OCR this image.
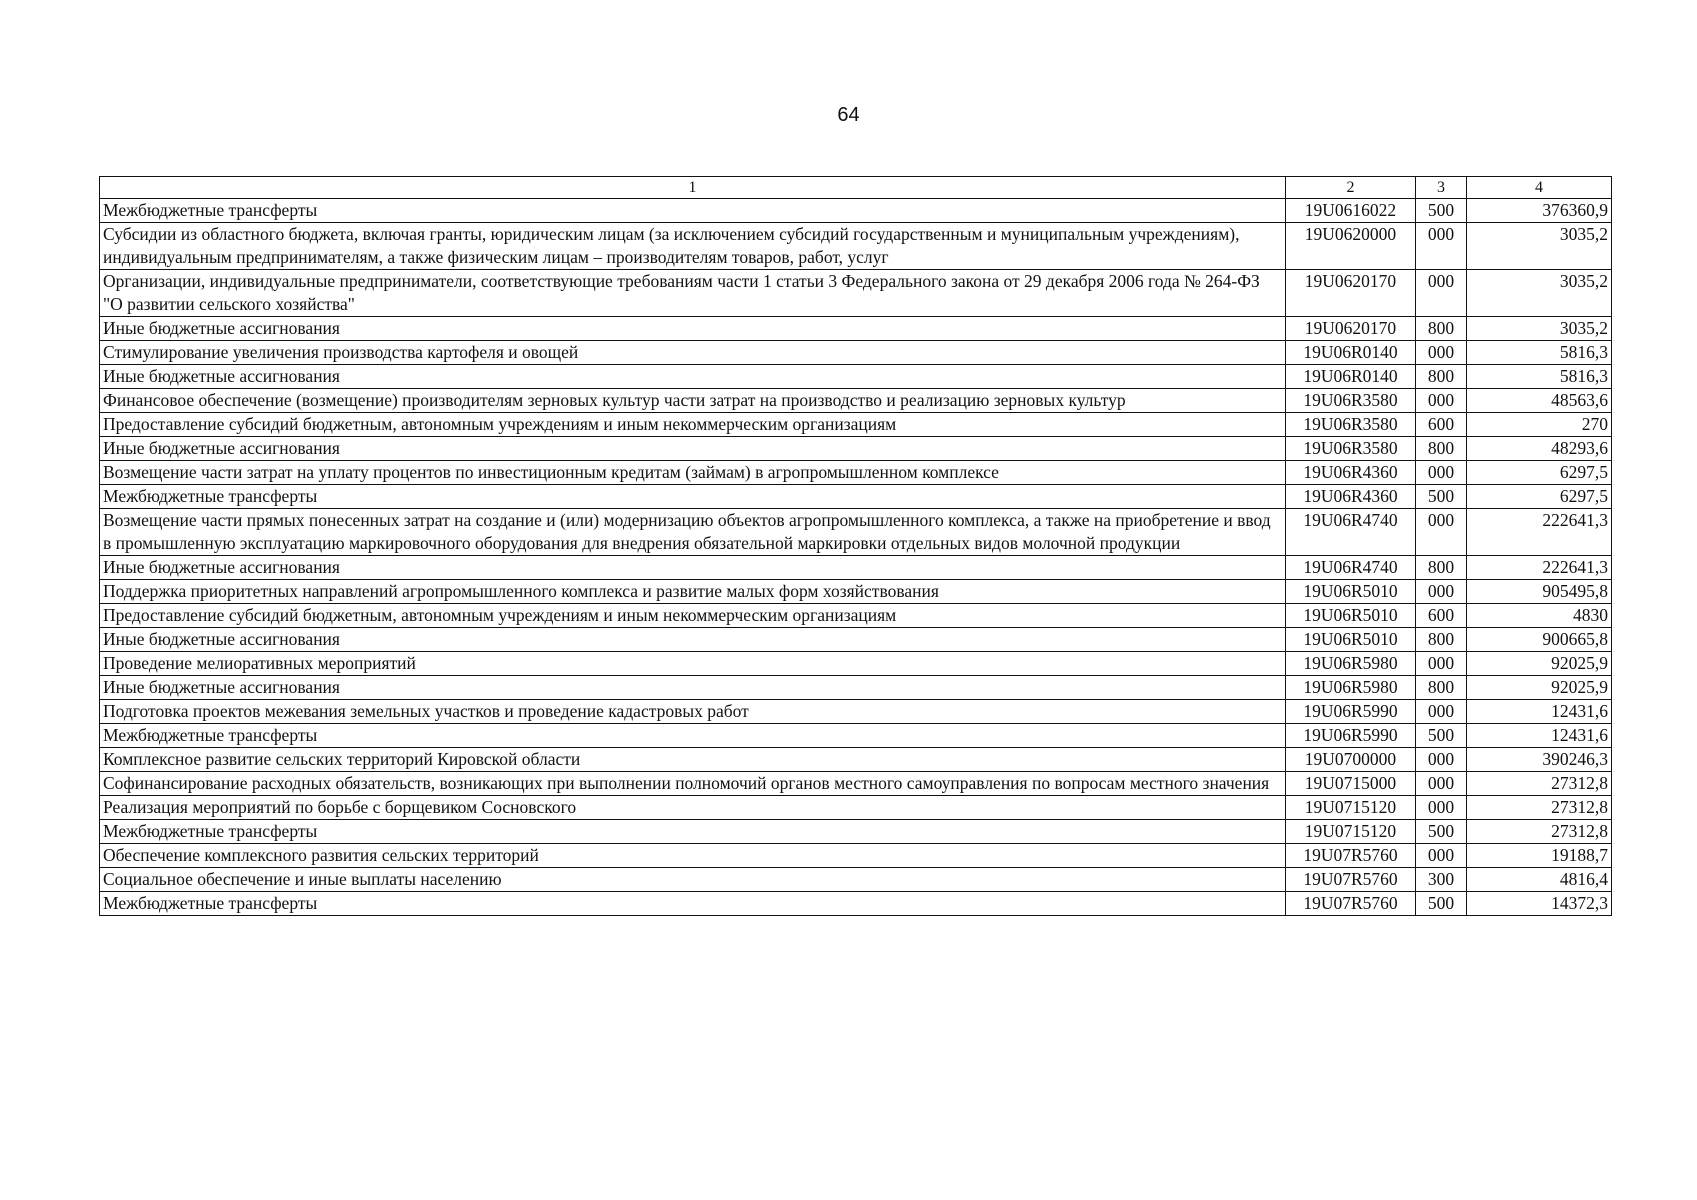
64
1	2	3	4
Межбюджетные трансферты	19U0616022	500	376360,9
Субсидии из областного бюджета, включая гранты, юридическим лицам (за исключением субсидий государственным и муниципальным учреждениям), индивидуальным предпринимателям, а также физическим лицам – производителям товаров, работ, услуг	19U0620000	000	3035,2
Организации, индивидуальные предприниматели, соответствующие требованиям части 1 статьи 3 Федерального закона от 29 декабря 2006 года № 264-ФЗ "О развитии сельского хозяйства"	19U0620170	000	3035,2
Иные бюджетные ассигнования	19U0620170	800	3035,2
Стимулирование увеличения производства картофеля и овощей	19U06R0140	000	5816,3
Иные бюджетные ассигнования	19U06R0140	800	5816,3
Финансовое обеспечение (возмещение) производителям зерновых культур части затрат на производство и реализацию зерновых культур	19U06R3580	000	48563,6
Предоставление субсидий бюджетным, автономным учреждениям и иным некоммерческим организациям	19U06R3580	600	270
Иные бюджетные ассигнования	19U06R3580	800	48293,6
Возмещение части затрат на уплату процентов по инвестиционным кредитам (займам) в агропромышленном комплексе	19U06R4360	000	6297,5
Межбюджетные трансферты	19U06R4360	500	6297,5
Возмещение части прямых понесенных затрат на создание и (или) модернизацию объектов агропромышленного комплекса, а также на приобретение и ввод в промышленную эксплуатацию маркировочного оборудования для внедрения обязательной маркировки отдельных видов молочной продукции	19U06R4740	000	222641,3
Иные бюджетные ассигнования	19U06R4740	800	222641,3
Поддержка приоритетных направлений агропромышленного комплекса и развитие малых форм хозяйствования	19U06R5010	000	905495,8
Предоставление субсидий бюджетным, автономным учреждениям и иным некоммерческим организациям	19U06R5010	600	4830
Иные бюджетные ассигнования	19U06R5010	800	900665,8
Проведение мелиоративных мероприятий	19U06R5980	000	92025,9
Иные бюджетные ассигнования	19U06R5980	800	92025,9
Подготовка проектов межевания земельных участков и проведение кадастровых работ	19U06R5990	000	12431,6
Межбюджетные трансферты	19U06R5990	500	12431,6
Комплексное развитие сельских территорий Кировской области	19U0700000	000	390246,3
Софинансирование расходных обязательств, возникающих при выполнении полномочий органов местного самоуправления по вопросам местного значения	19U0715000	000	27312,8
Реализация мероприятий по борьбе с борщевиком Сосновского	19U0715120	000	27312,8
Межбюджетные трансферты	19U0715120	500	27312,8
Обеспечение комплексного развития сельских территорий	19U07R5760	000	19188,7
Социальное обеспечение и иные выплаты населению	19U07R5760	300	4816,4
Межбюджетные трансферты	19U07R5760	500	14372,3
